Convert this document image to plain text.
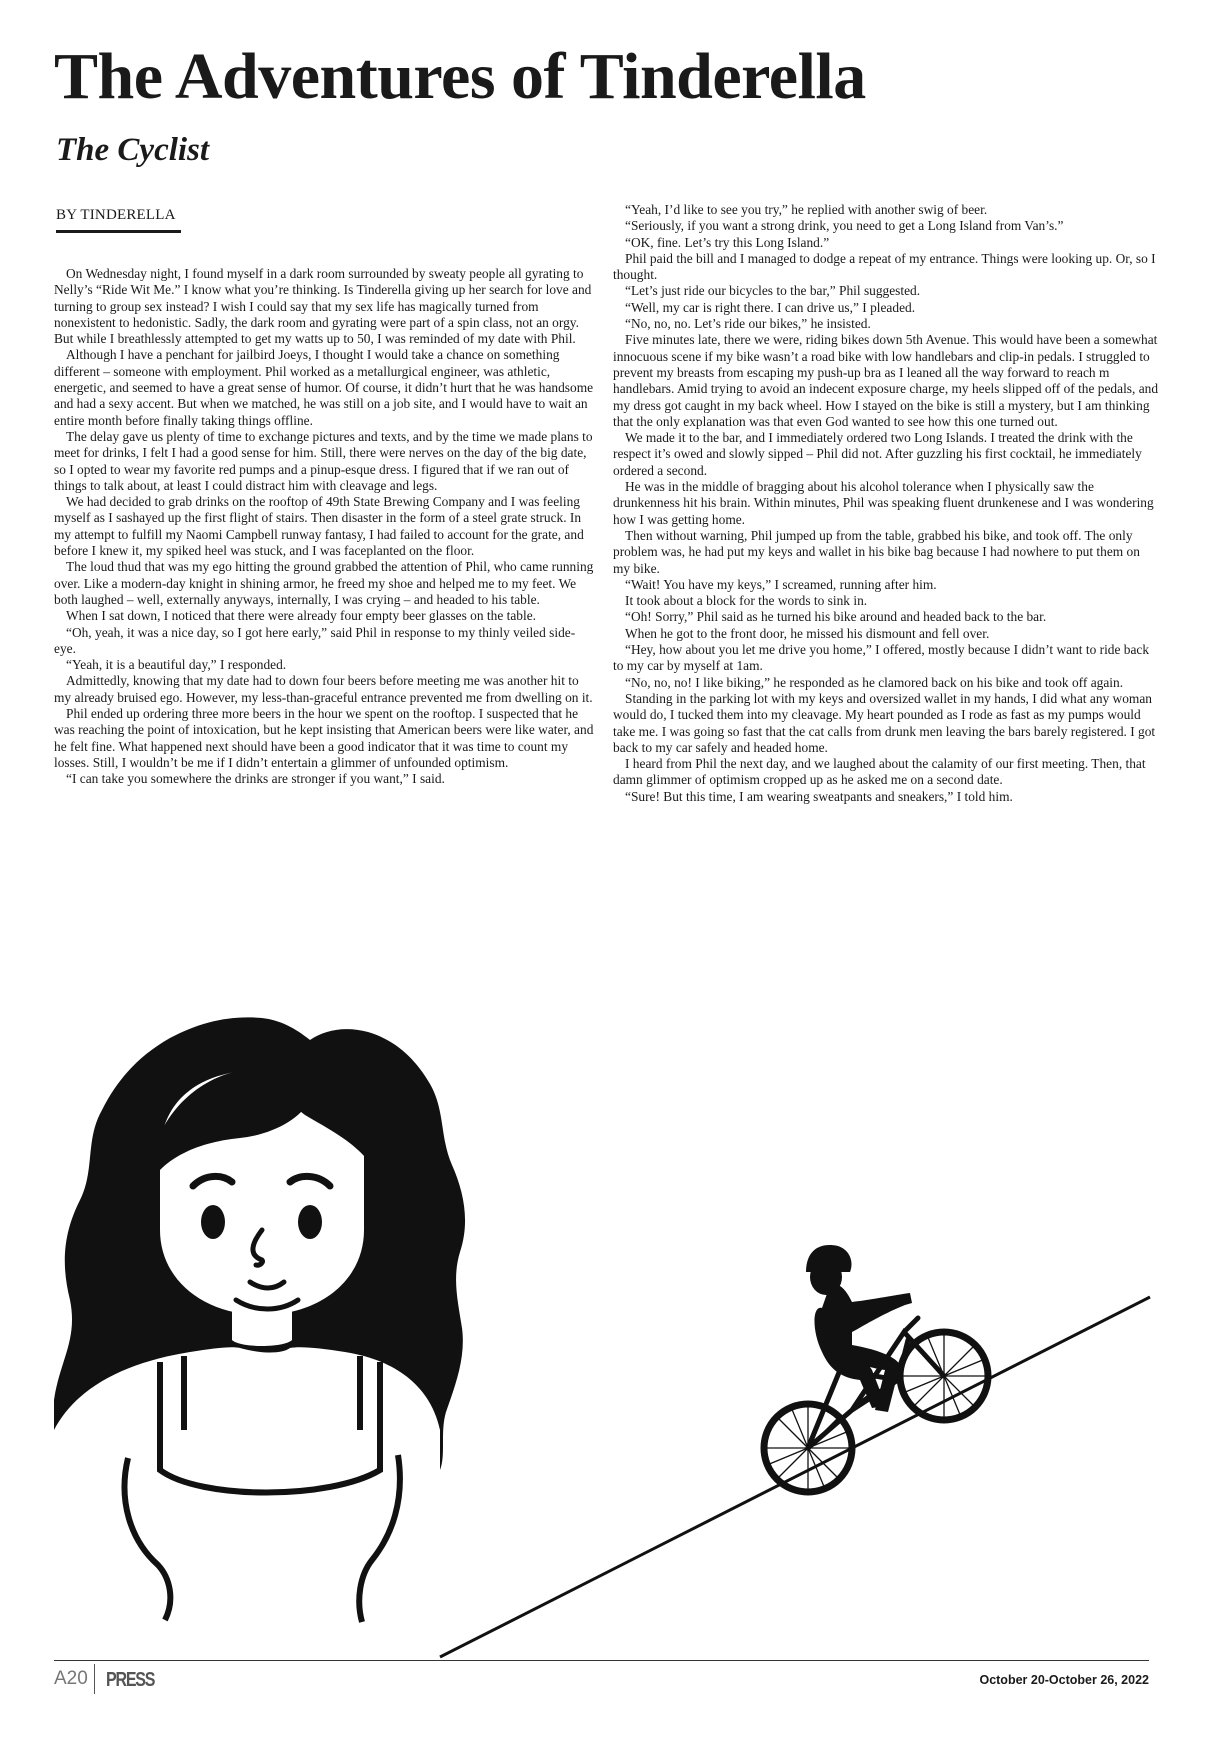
The Adventures of Tinderella
The Cyclist
BY TINDERELLA

On Wednesday night, I found myself in a dark room surrounded by sweaty people all gyrating to Nelly’s “Ride Wit Me.” I know what you’re thinking. Is Tinderella giving up her search for love and turning to group sex instead? I wish I could say that my sex life has magically turned from nonexistent to hedonistic. Sadly, the dark room and gyrating were part of a spin class, not an orgy. But while I breathlessly attempted to get my watts up to 50, I was reminded of my date with Phil.

Although I have a penchant for jailbird Joeys, I thought I would take a chance on something different – someone with employment. Phil worked as a metallurgical engineer, was athletic, energetic, and seemed to have a great sense of humor. Of course, it didn’t hurt that he was handsome and had a sexy accent. But when we matched, he was still on a job site, and I would have to wait an entire month before finally taking things offline.

The delay gave us plenty of time to exchange pictures and texts, and by the time we made plans to meet for drinks, I felt I had a good sense for him. Still, there were nerves on the day of the big date, so I opted to wear my favorite red pumps and a pinup-esque dress. I figured that if we ran out of things to talk about, at least I could distract him with cleavage and legs.

We had decided to grab drinks on the rooftop of 49th State Brewing Company and I was feeling myself as I sashayed up the first flight of stairs. Then disaster in the form of a steel grate struck. In my attempt to fulfill my Naomi Campbell runway fantasy, I had failed to account for the grate, and before I knew it, my spiked heel was stuck, and I was faceplanted on the floor.

The loud thud that was my ego hitting the ground grabbed the attention of Phil, who came running over. Like a modern-day knight in shining armor, he freed my shoe and helped me to my feet. We both laughed – well, externally anyways, internally, I was crying – and headed to his table.

When I sat down, I noticed that there were already four empty beer glasses on the table.

“Oh, yeah, it was a nice day, so I got here early,” said Phil in response to my thinly veiled side-eye.

“Yeah, it is a beautiful day,” I responded.

Admittedly, knowing that my date had to down four beers before meeting me was another hit to my already bruised ego. However, my less-than-graceful entrance prevented me from dwelling on it.

Phil ended up ordering three more beers in the hour we spent on the rooftop. I suspected that he was reaching the point of intoxication, but he kept insisting that American beers were like water, and he felt fine. What happened next should have been a good indicator that it was time to count my losses. Still, I wouldn’t be me if I didn’t entertain a glimmer of unfounded optimism.

“I can take you somewhere the drinks are stronger if you want,” I said.

“Yeah, I’d like to see you try,” he replied with another swig of beer.

“Seriously, if you want a strong drink, you need to get a Long Island from Van’s.”

“OK, fine. Let’s try this Long Island.”

Phil paid the bill and I managed to dodge a repeat of my entrance. Things were looking up. Or, so I thought.

“Let’s just ride our bicycles to the bar,” Phil suggested.

“Well, my car is right there. I can drive us,” I pleaded.

“No, no, no. Let’s ride our bikes,” he insisted.

Five minutes late, there we were, riding bikes down 5th Avenue. This would have been a somewhat innocuous scene if my bike wasn’t a road bike with low handlebars and clip-in pedals. I struggled to prevent my breasts from escaping my push-up bra as I leaned all the way forward to reach m handlebars. Amid trying to avoid an indecent exposure charge, my heels slipped off of the pedals, and my dress got caught in my back wheel. How I stayed on the bike is still a mystery, but I am thinking that the only explanation was that even God wanted to see how this one turned out.

We made it to the bar, and I immediately ordered two Long Islands. I treated the drink with the respect it’s owed and slowly sipped – Phil did not. After guzzling his first cocktail, he immediately ordered a second.

He was in the middle of bragging about his alcohol tolerance when I physically saw the drunkenness hit his brain. Within minutes, Phil was speaking fluent drunkenese and I was wondering how I was getting home.

Then without warning, Phil jumped up from the table, grabbed his bike, and took off. The only problem was, he had put my keys and wallet in his bike bag because I had nowhere to put them on my bike.

“Wait! You have my keys,” I screamed, running after him.

It took about a block for the words to sink in.

“Oh! Sorry,” Phil said as he turned his bike around and headed back to the bar.

When he got to the front door, he missed his dismount and fell over.

“Hey, how about you let me drive you home,” I offered, mostly because I didn’t want to ride back to my car by myself at 1am.

“No, no, no! I like biking,” he responded as he clamored back on his bike and took off again.

Standing in the parking lot with my keys and oversized wallet in my hands, I did what any woman would do, I tucked them into my cleavage. My heart pounded as I rode as fast as my pumps would take me. I was going so fast that the cat calls from drunk men leaving the bars barely registered. I got back to my car safely and headed home.

I heard from Phil the next day, and we laughed about the calamity of our first meeting. Then, that damn glimmer of optimism cropped up as he asked me on a second date.

“Sure! But this time, I am wearing sweatpants and sneakers,” I told him.

A20 PRESS	October 20-October 26, 2022
